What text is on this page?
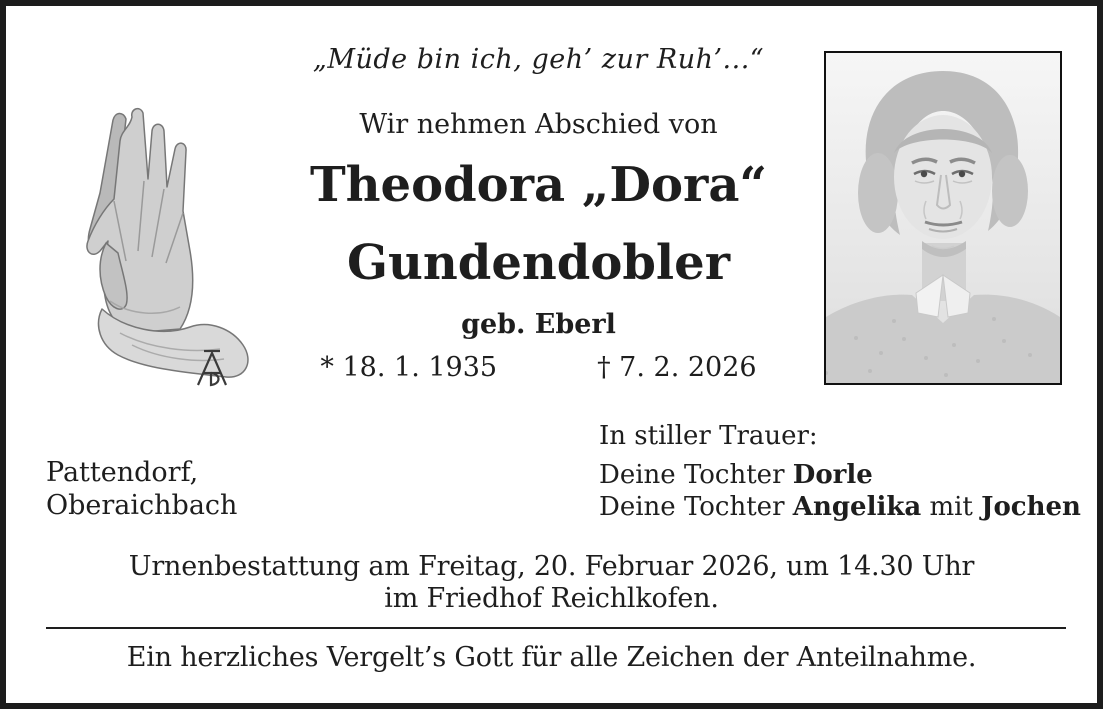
„Müde bin ich, geh’ zur Ruh’...“
Wir nehmen Abschied von
Theodora „Dora“
Gundendobler
geb. Eberl
* 18. 1. 1935	† 7. 2. 2026
Pattendorf,
Oberaichbach
In stiller Trauer:
Deine Tochter Dorle
Deine Tochter Angelika mit Jochen
Urnenbestattung am Freitag, 20. Februar 2026, um 14.30 Uhr
im Friedhof Reichlkofen.
Ein herzliches Vergelt’s Gott für alle Zeichen der Anteilnahme.
